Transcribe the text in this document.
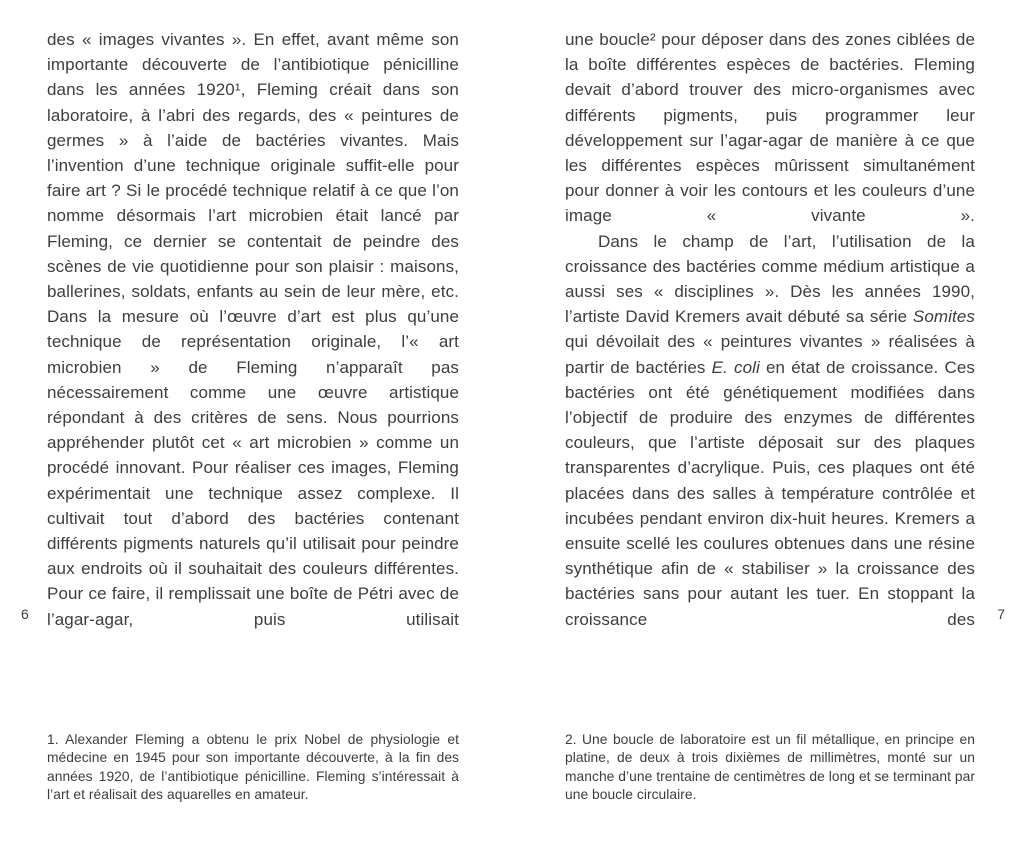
des « images vivantes ». En effet, avant même son importante découverte de l’antibiotique pénicilline dans les années 1920¹, Fleming créait dans son laboratoire, à l’abri des regards, des « peintures de germes » à l’aide de bactéries vivantes. Mais l’invention d’une technique originale suffit-elle pour faire art ? Si le procédé technique relatif à ce que l’on nomme désormais l’art microbien était lancé par Fleming, ce dernier se contentait de peindre des scènes de vie quotidienne pour son plaisir : maisons, ballerines, soldats, enfants au sein de leur mère, etc. Dans la mesure où l’œuvre d’art est plus qu’une technique de représentation originale, l’« art microbien » de Fleming n’apparaît pas nécessairement comme une œuvre artistique répondant à des critères de sens. Nous pourrions appréhender plutôt cet « art microbien » comme un procédé innovant. Pour réaliser ces images, Fleming expérimentait une technique assez complexe. Il cultivait tout d’abord des bactéries contenant différents pigments naturels qu’il utilisait pour peindre aux endroits où il souhaitait des couleurs différentes. Pour ce faire, il remplissait une boîte de Pétri avec de l’agar-agar, puis utilisait

1. Alexander Fleming a obtenu le prix Nobel de physiologie et médecine en 1945 pour son importante découverte, à la fin des années 1920, de l’antibiotique pénicilline. Fleming s’intéressait à l’art et réalisait des aquarelles en amateur.

6

une boucle² pour déposer dans des zones ciblées de la boîte différentes espèces de bactéries. Fleming devait d’abord trouver des micro-organismes avec différents pigments, puis programmer leur développement sur l’agar-agar de manière à ce que les différentes espèces mûrissent simultanément pour donner à voir les contours et les couleurs d’une image « vivante ».

Dans le champ de l’art, l’utilisation de la croissance des bactéries comme médium artistique a aussi ses « disciplines ». Dès les années 1990, l’artiste David Kremers avait débuté sa série Somites qui dévoilait des « peintures vivantes » réalisées à partir de bactéries E. coli en état de croissance. Ces bactéries ont été génétiquement modifiées dans l’objectif de produire des enzymes de différentes couleurs, que l’artiste déposait sur des plaques transparentes d’acrylique. Puis, ces plaques ont été placées dans des salles à température contrôlée et incubées pendant environ dix-huit heures. Kremers a ensuite scellé les coulures obtenues dans une résine synthétique afin de « stabiliser » la croissance des bactéries sans pour autant les tuer. En stoppant la croissance des

2. Une boucle de laboratoire est un fil métallique, en principe en platine, de deux à trois dixièmes de millimètres, monté sur un manche d’une trentaine de centimètres de long et se terminant par une boucle circulaire.

7
